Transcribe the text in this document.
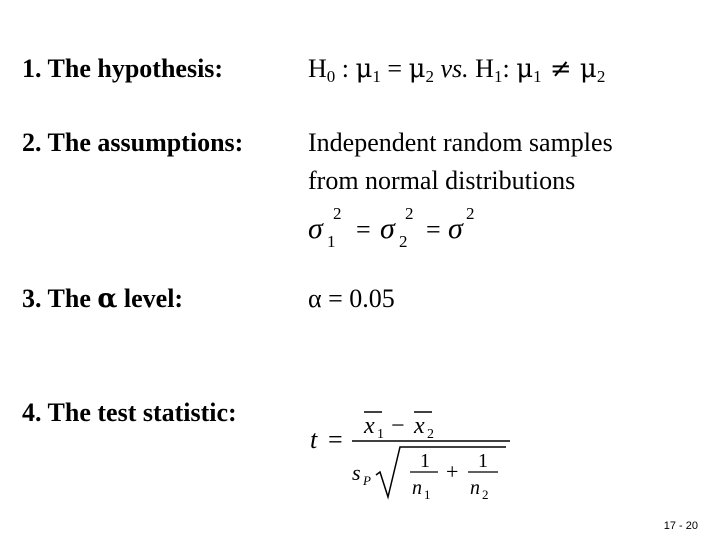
1. The hypothesis:	$H_0$ : $\mu_1 = \mu_2$ vs. $H_1$: $\mu_1 \ne \mu_2$
2. The assumptions: Independent random samples
from normal distributions
σ 1
2
= σ 2
2
= σ 2
3. The α level:	α = 0.05
4. The test statistic:
t = x 1 − x 2
s P
1
n 1
+ 1
n 2
17 - 20
